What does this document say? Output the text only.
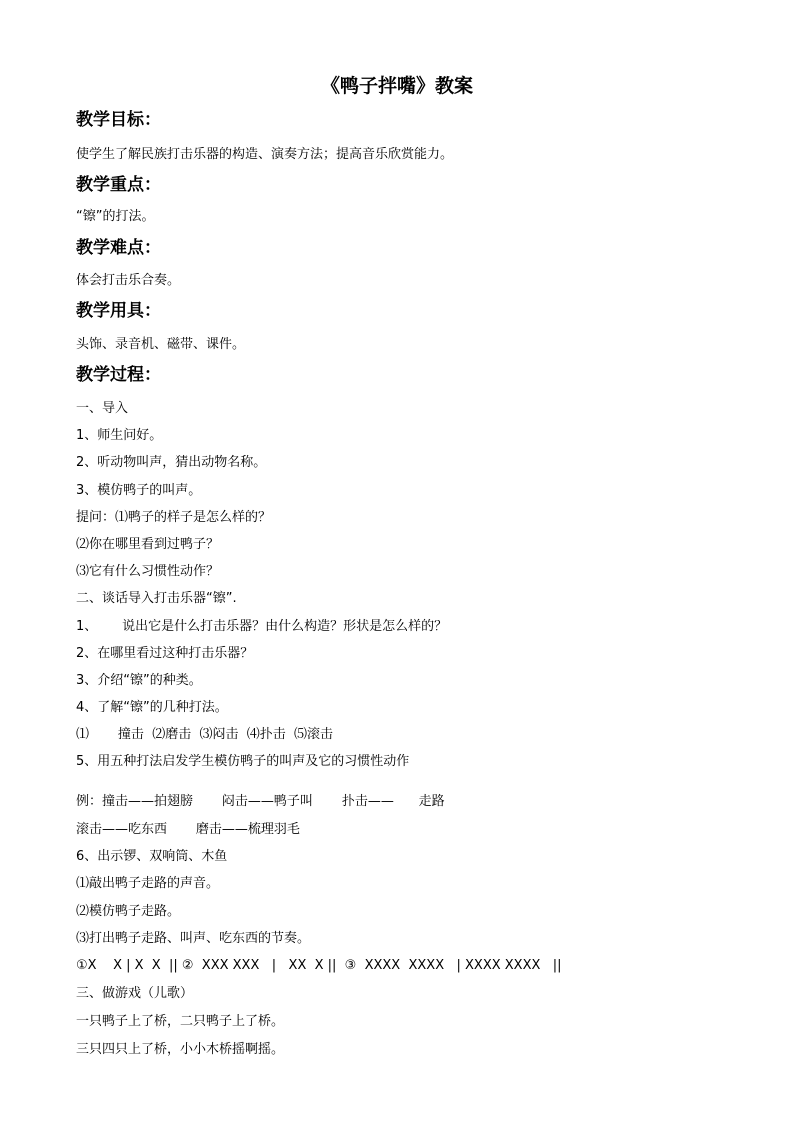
《鸭子拌嘴》教案
教学目标：
使学生了解民族打击乐器的构造、演奏方法；提高音乐欣赏能力。
教学重点：
“镲”的打法。
教学难点：
体会打击乐合奏。
教学用具：
头饰、录音机、磁带、课件。
教学过程：
一、导入
1、师生问好。
2、听动物叫声，猜出动物名称。
3、模仿鸭子的叫声。
提问：⑴鸭子的样子是怎么样的？
⑵你在哪里看到过鸭子？
⑶它有什么习惯性动作？
二、谈话导入打击乐器“镲”.
1、      说出它是什么打击乐器？由什么构造？形状是怎么样的？
2、在哪里看过这种打击乐器？
3、介绍“镲”的种类。
4、了解“镲”的几种打法。
⑴       撞击  ⑵磨击  ⑶闷击  ⑷扑击  ⑸滚击
5、用五种打法启发学生模仿鸭子的叫声及它的习惯性动作
例：撞击——拍翅膀       闷击——鸭子叫       扑击——      走路
滚击——吃东西       磨击——梳理羽毛
6、出示锣、双响筒、木鱼
⑴敲出鸭子走路的声音。
⑵模仿鸭子走路。
⑶打出鸭子走路、叫声、吃东西的节奏。
①X    X | X  X  || ②  XXX XXX   |   XX  X ||  ③  XXXX  XXXX   | XXXX XXXX   ||
三、做游戏（儿歌）
一只鸭子上了桥，二只鸭子上了桥。
三只四只上了桥，小小木桥摇啊摇。
